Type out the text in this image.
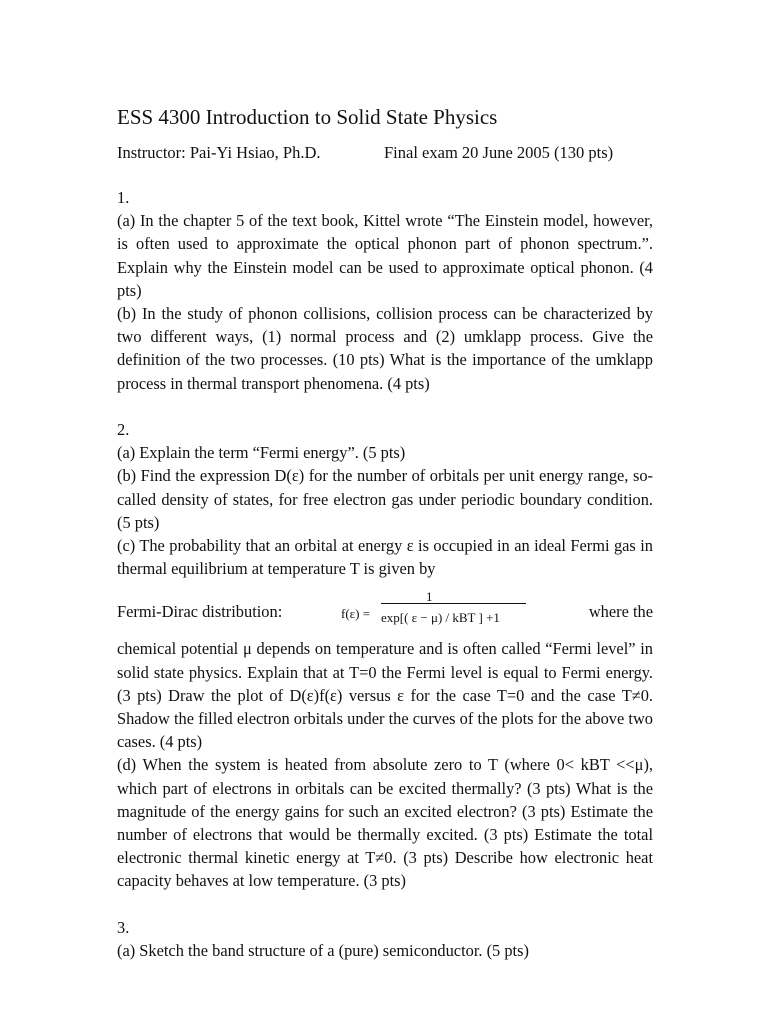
ESS 4300 Introduction to Solid State Physics
Instructor: Pai-Yi Hsiao, Ph.D.	Final exam 20 June 2005 (130 pts)

1.

(a) In the chapter 5 of the text book, Kittel wrote “The Einstein model, however, is often used to approximate the optical phonon part of phonon spectrum.”. Explain why the Einstein model can be used to approximate optical phonon. (4 pts)

(b) In the study of phonon collisions, collision process can be characterized by two different ways, (1) normal process and (2) umklapp process. Give the definition of the two processes. (10 pts) What is the importance of the umklapp process in thermal transport phenomena. (4 pts)

2.

(a) Explain the term “Fermi energy”. (5 pts)

(b) Find the expression D(ε) for the number of orbitals per unit energy range, so-called density of states, for free electron gas under periodic boundary condition. (5 pts)

(c) The probability that an orbital at energy ε is occupied in an ideal Fermi gas in thermal equilibrium at temperature T is given by

Fermi-Dirac distribution:	f(ε) =
1
exp[( ε − μ) / kBT ] +1	where the

chemical potential μ depends on temperature and is often called “Fermi level” in solid state physics. Explain that at T=0 the Fermi level is equal to Fermi energy. (3 pts) Draw the plot of D(ε)f(ε) versus ε for the case T=0 and the case T≠0. Shadow the filled electron orbitals under the curves of the plots for the above two cases. (4 pts)

(d) When the system is heated from absolute zero to T (where 0< kBT <<μ), which part of electrons in orbitals can be excited thermally? (3 pts) What is the magnitude of the energy gains for such an excited electron? (3 pts) Estimate the number of electrons that would be thermally excited. (3 pts) Estimate the total electronic thermal kinetic energy at T≠0. (3 pts) Describe how electronic heat capacity behaves at low temperature. (3 pts)

3.

(a) Sketch the band structure of a (pure) semiconductor. (5 pts)
